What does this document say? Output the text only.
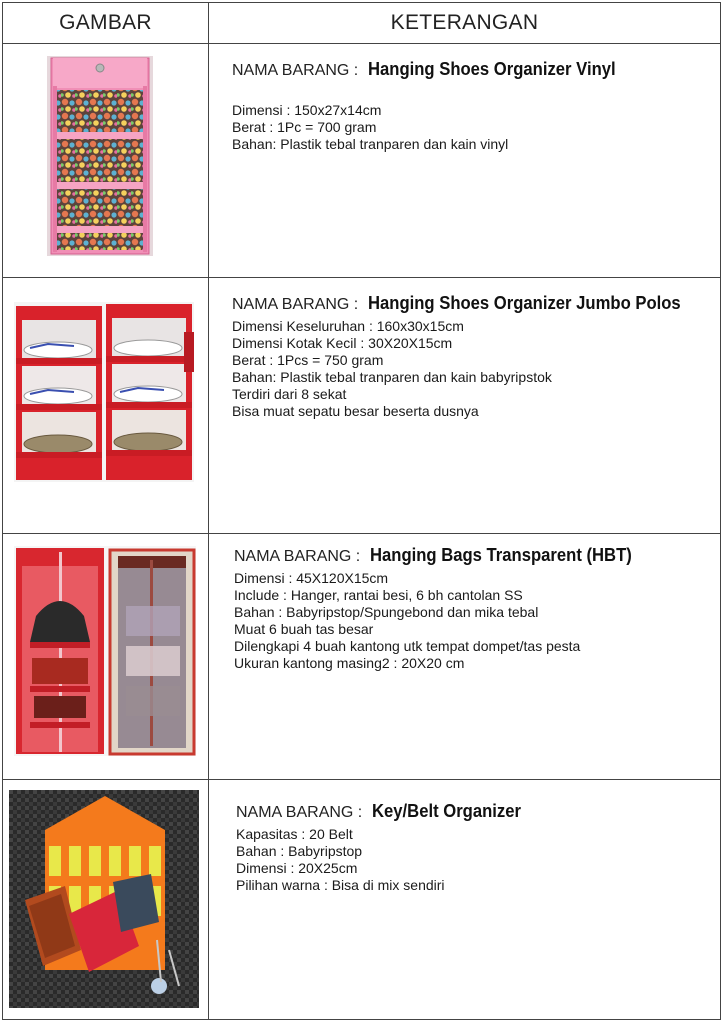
GAMBAR	KETERANGAN
NAMA BARANG : Hanging Shoes Organizer Vinyl
Dimensi : 150x27x14cm
Berat : 1Pc = 700 gram
Bahan: Plastik tebal tranparen dan kain vinyl
NAMA BARANG : Hanging Shoes Organizer Jumbo Polos
Dimensi Keseluruhan : 160x30x15cm
Dimensi Kotak Kecil : 30X20X15cm
Berat : 1Pcs = 750 gram
Bahan: Plastik tebal tranparen dan kain babyripstok
Terdiri dari 8 sekat
Bisa muat sepatu besar beserta dusnya
NAMA BARANG : Hanging Bags Transparent (HBT)
Dimensi : 45X120X15cm
Include : Hanger, rantai besi, 6 bh cantolan SS
Bahan : Babyripstop/Spungebond dan mika tebal
Muat 6 buah tas besar
Dilengkapi 4 buah kantong utk tempat dompet/tas pesta
Ukuran kantong masing2 : 20X20 cm
NAMA BARANG : Key/Belt Organizer
Kapasitas : 20 Belt
Bahan : Babyripstop
Dimensi : 20X25cm
Pilihan warna : Bisa di mix sendiri
